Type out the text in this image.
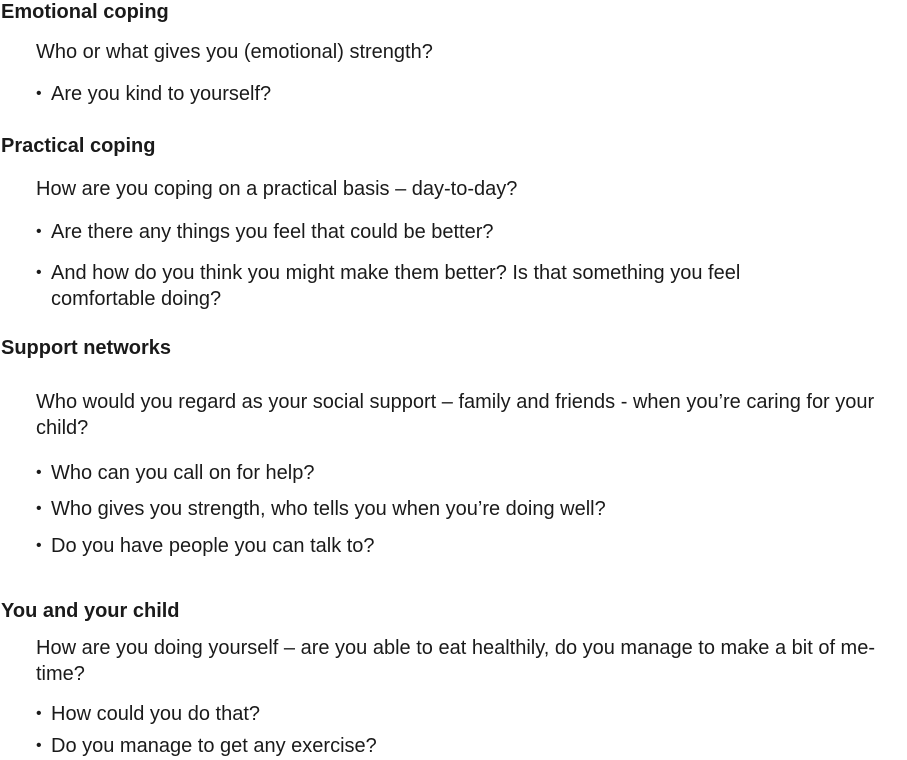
Emotional coping

Who or what gives you (emotional) strength?

• Are you kind to yourself?

Practical coping

How are you coping on a practical basis – day-to-day?

• Are there any things you feel that could be better?

• And how do you think you might make them better? Is that something you feel comfortable doing?

Support networks

Who would you regard as your social support – family and friends - when you’re caring for your child?

• Who can you call on for help?

• Who gives you strength, who tells you when you’re doing well?

• Do you have people you can talk to?

You and your child

How are you doing yourself – are you able to eat healthily, do you manage to make a bit of me-time?

• How could you do that?

• Do you manage to get any exercise?
